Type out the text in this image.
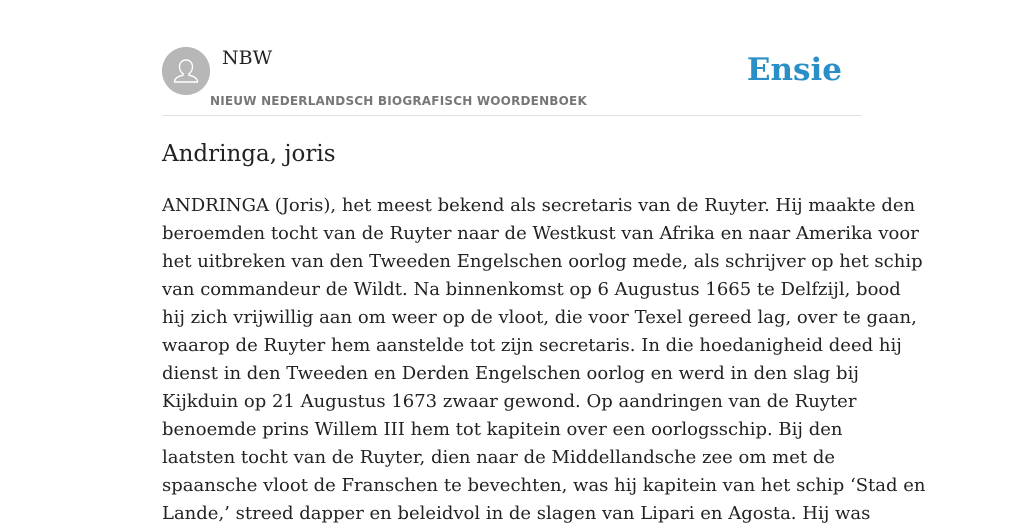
NBW
NIEUW NEDERLANDSCH BIOGRAFISCH WOORDENBOEK
Ensie
Andringa, joris
ANDRINGA (Joris), het meest bekend als secretaris van de Ruyter. Hij maakte den
beroemden tocht van de Ruyter naar de Westkust van Afrika en naar Amerika voor
het uitbreken van den Tweeden Engelschen oorlog mede, als schrijver op het schip
van commandeur de Wildt. Na binnenkomst op 6 Augustus 1665 te Delfzijl, bood
hij zich vrijwillig aan om weer op de vloot, die voor Texel gereed lag, over te gaan,
waarop de Ruyter hem aanstelde tot zijn secretaris. In die hoedanigheid deed hij
dienst in den Tweeden en Derden Engelschen oorlog en werd in den slag bij
Kijkduin op 21 Augustus 1673 zwaar gewond. Op aandringen van de Ruyter
benoemde prins Willem III hem tot kapitein over een oorlogsschip. Bij den
laatsten tocht van de Ruyter, dien naar de Middellandsche zee om met de
spaansche vloot de Franschen te bevechten, was hij kapitein van het schip ‘Stad en
Lande,’ streed dapper en beleidvol in de slagen van Lipari en Agosta. Hij was
